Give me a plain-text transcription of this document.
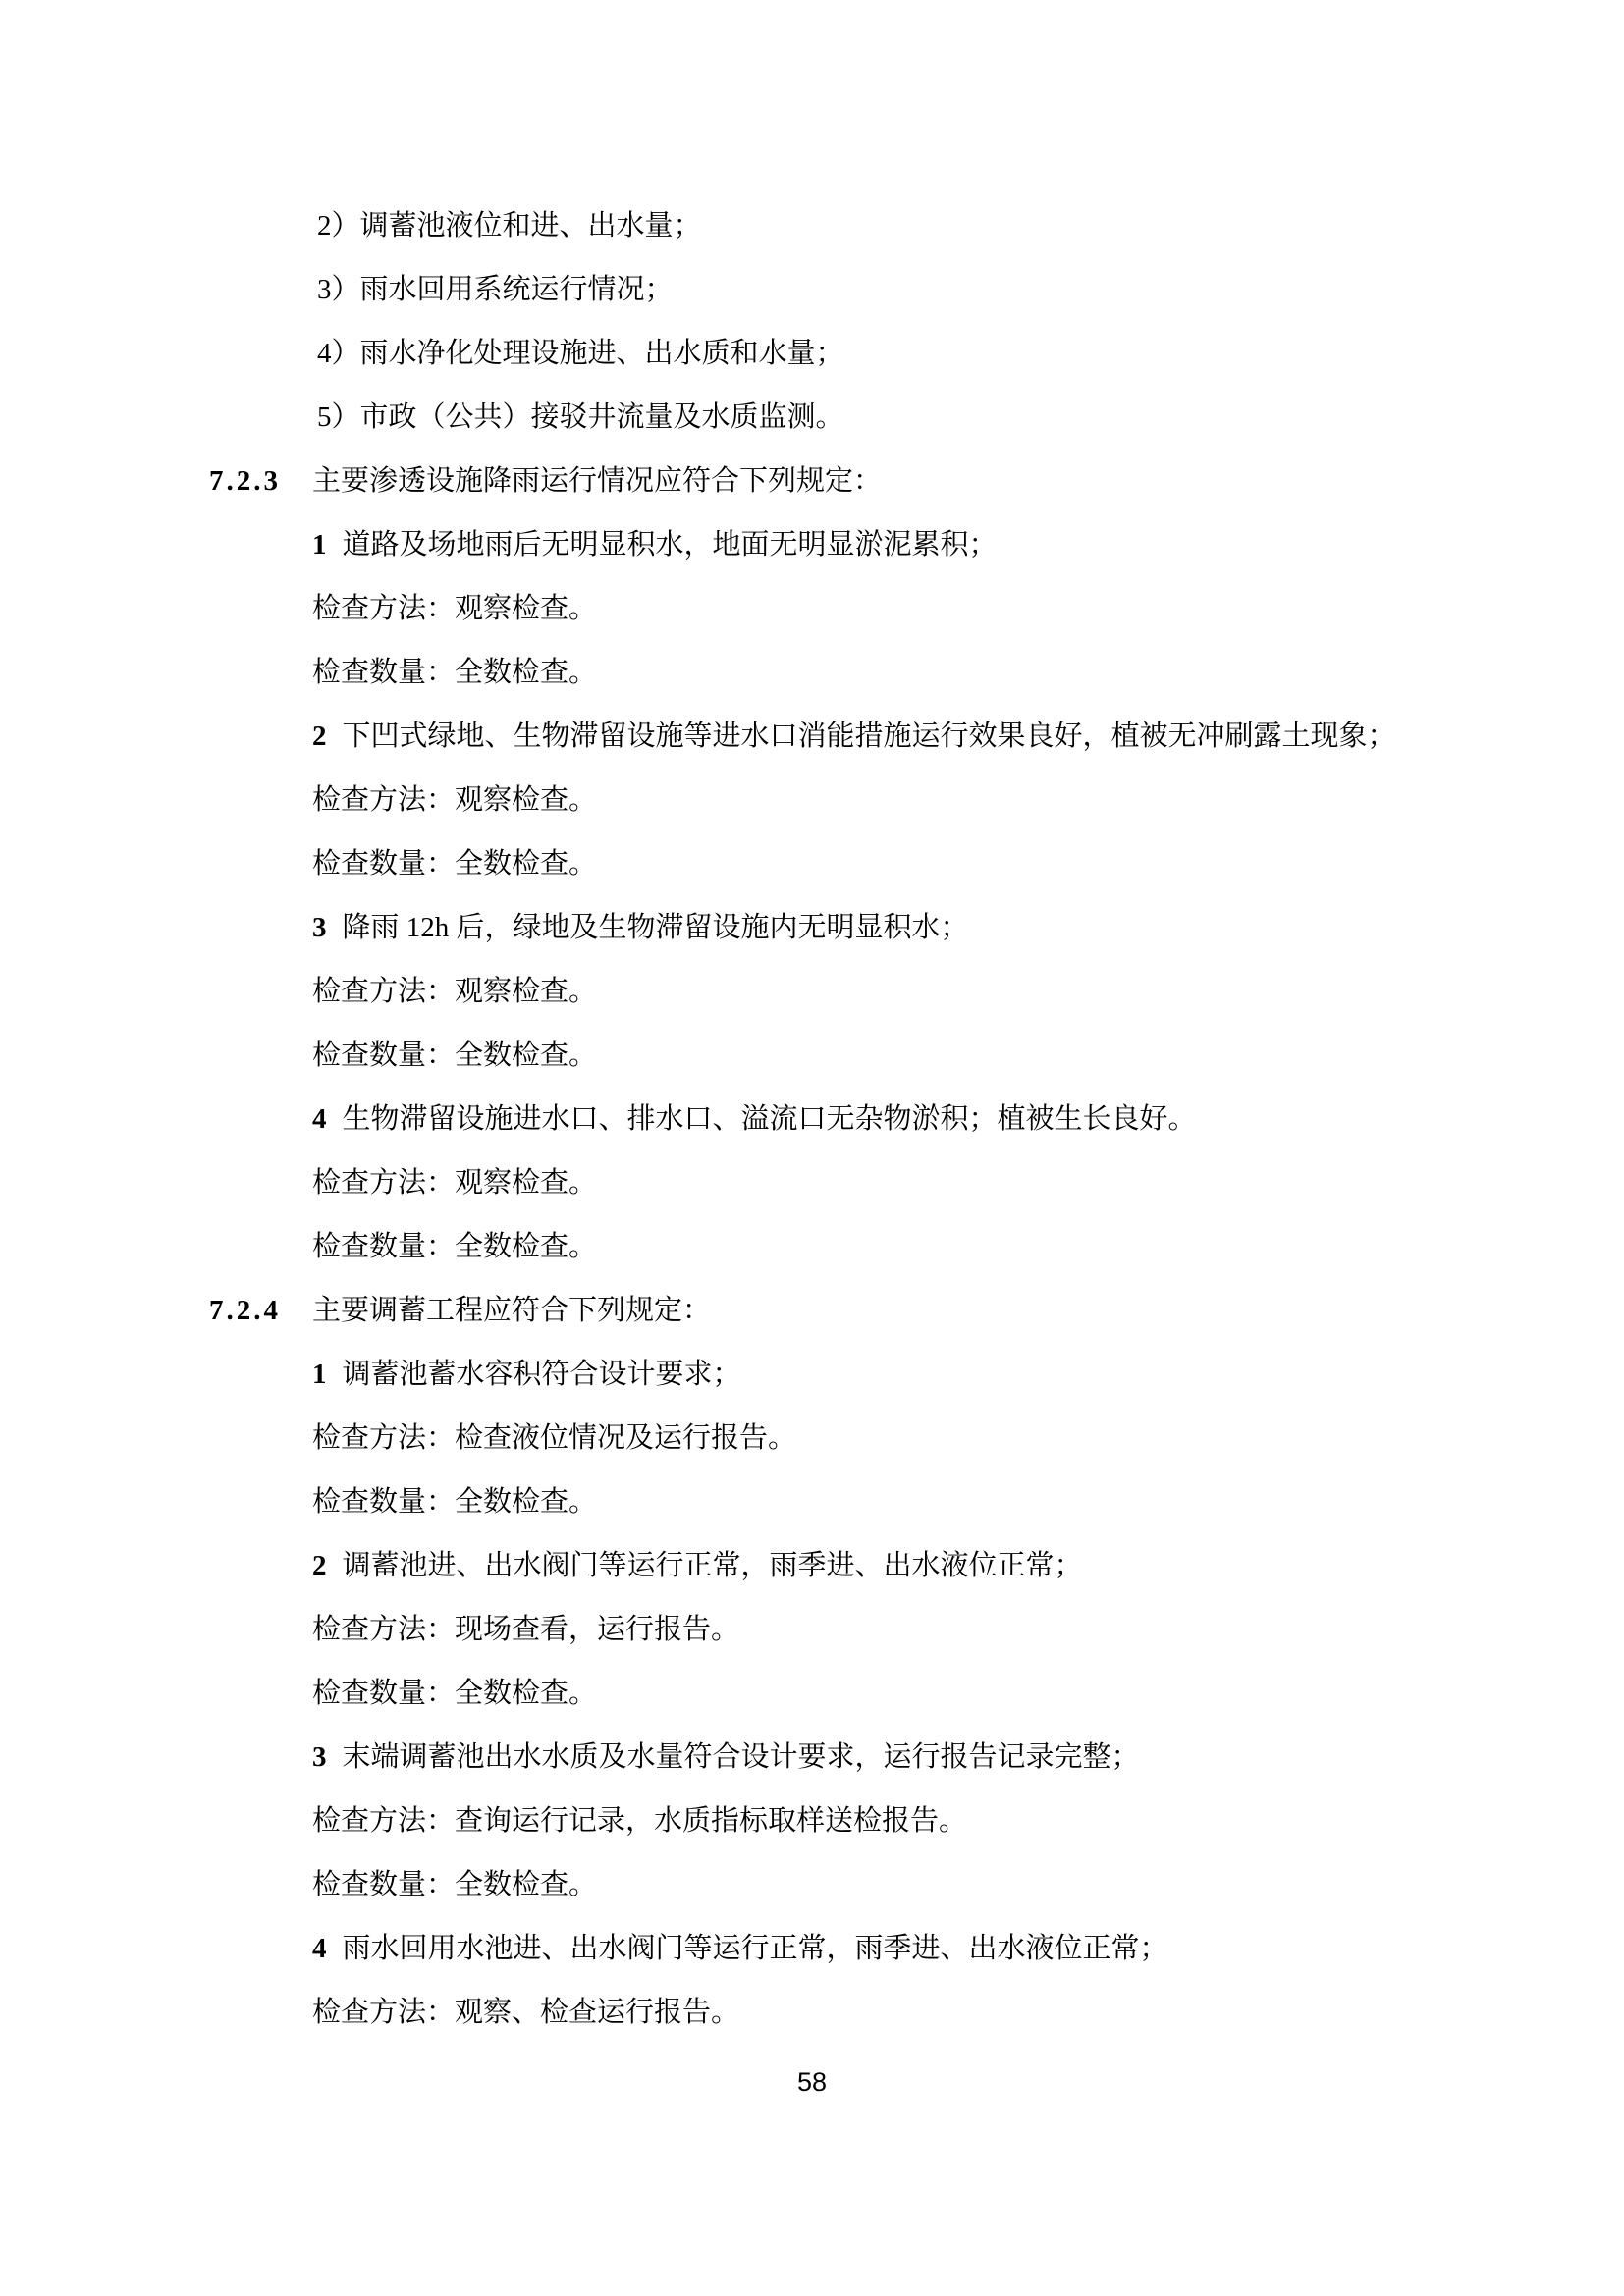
2）调蓄池液位和进、出水量；

3）雨水回用系统运行情况；

4）雨水净化处理设施进、出水质和水量；

5）市政（公共）接驳井流量及水质监测。

7.2.3 主要渗透设施降雨运行情况应符合下列规定：

1 道路及场地雨后无明显积水，地面无明显淤泥累积；

检查方法：观察检查。

检查数量：全数检查。

2 下凹式绿地、生物滞留设施等进水口消能措施运行效果良好，植被无冲刷露土现象；

检查方法：观察检查。

检查数量：全数检查。

3 降雨 12h 后，绿地及生物滞留设施内无明显积水；

检查方法：观察检查。

检查数量：全数检查。

4 生物滞留设施进水口、排水口、溢流口无杂物淤积；植被生长良好。

检查方法：观察检查。

检查数量：全数检查。

7.2.4 主要调蓄工程应符合下列规定：

1 调蓄池蓄水容积符合设计要求；

检查方法：检查液位情况及运行报告。

检查数量：全数检查。

2 调蓄池进、出水阀门等运行正常，雨季进、出水液位正常；

检查方法：现场查看，运行报告。

检查数量：全数检查。

3 末端调蓄池出水水质及水量符合设计要求，运行报告记录完整；

检查方法：查询运行记录，水质指标取样送检报告。

检查数量：全数检查。

4 雨水回用水池进、出水阀门等运行正常，雨季进、出水液位正常；

检查方法：观察、检查运行报告。

58
